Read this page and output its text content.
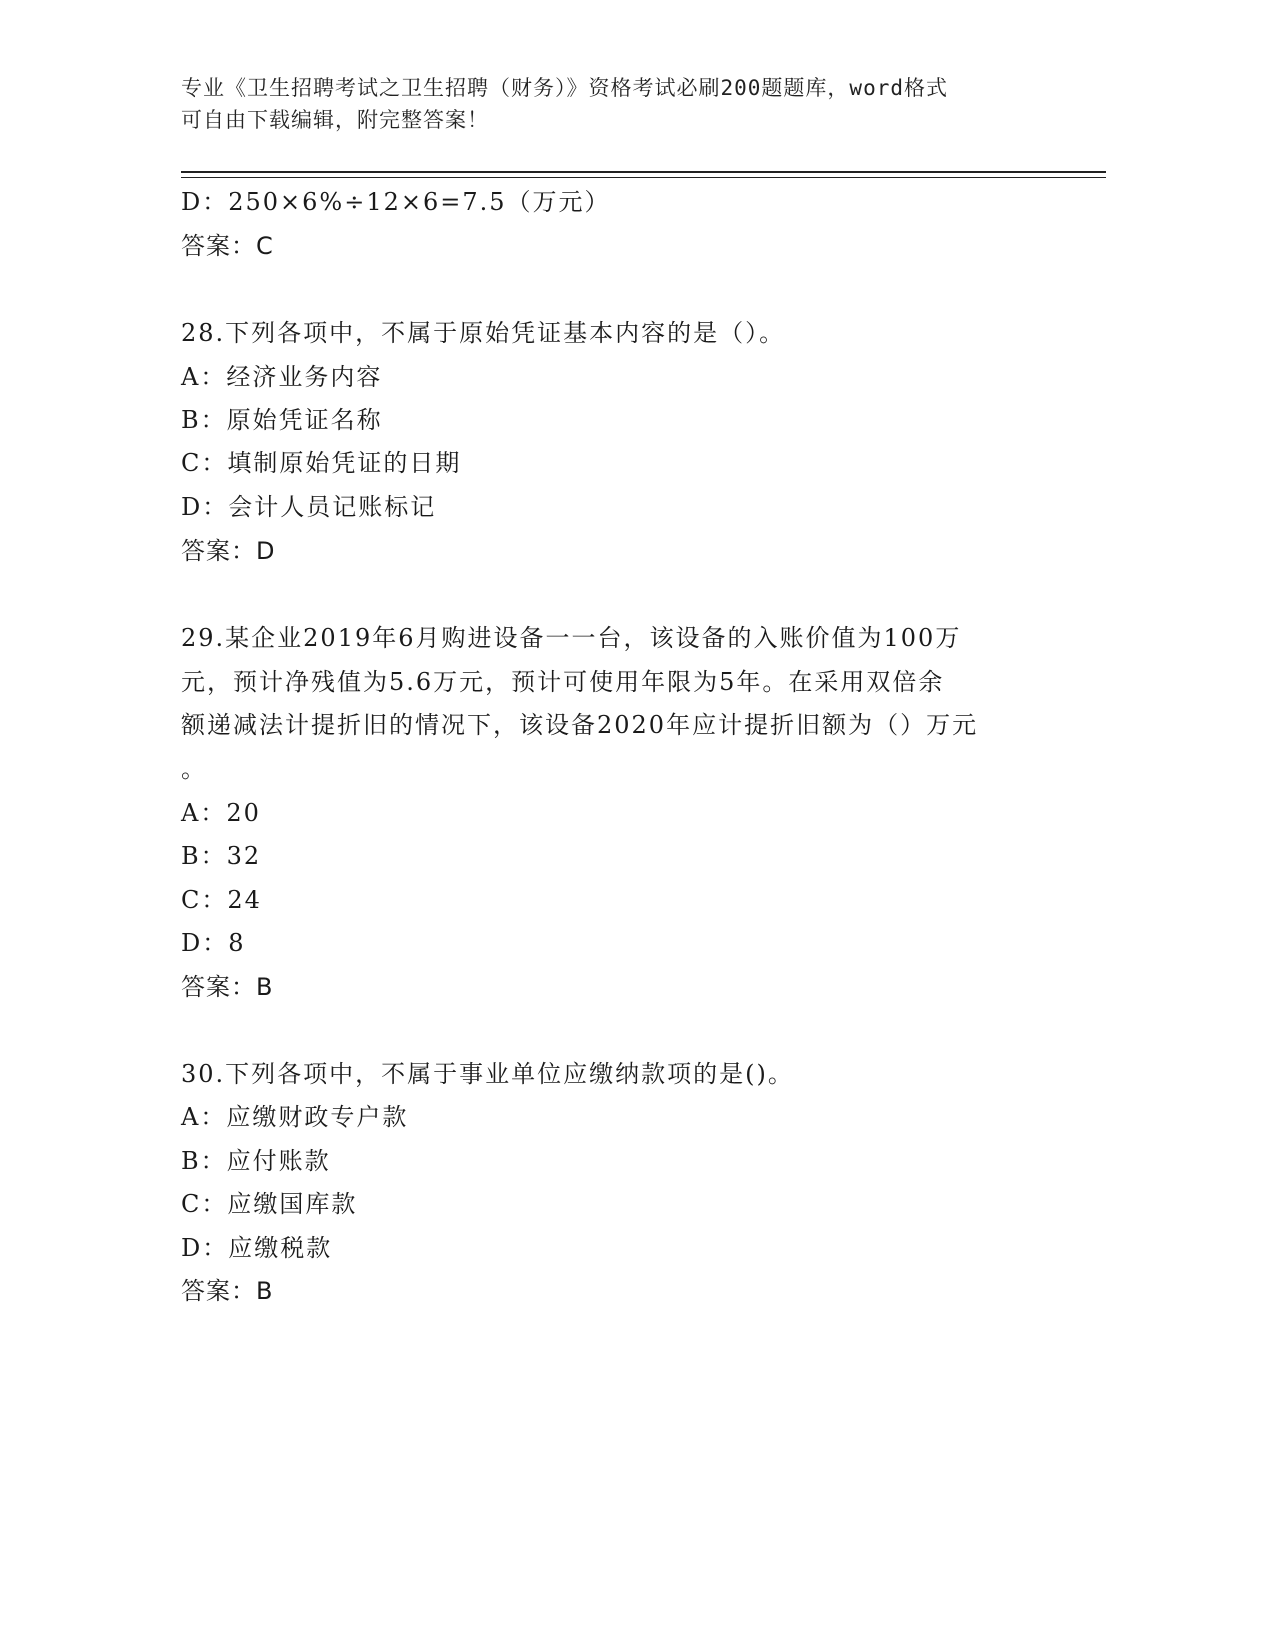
专业《卫生招聘考试之卫生招聘（财务）》资格考试必刷200题题库，word格式
可自由下载编辑，附完整答案！
D：250×6%÷12×6=7.5（万元）
答案：C
28.下列各项中，不属于原始凭证基本内容的是（）。
A：经济业务内容
B：原始凭证名称
C：填制原始凭证的日期
D：会计人员记账标记
答案：D
29.某企业2019年6月购进设备一一台，该设备的入账价值为100万
元，预计净残值为5.6万元，预计可使用年限为5年。在采用双倍余
额递减法计提折旧的情况下，该设备2020年应计提折旧额为（）万元
。
A：20
B：32
C：24
D：8
答案：B
30.下列各项中，不属于事业单位应缴纳款项的是()。
A：应缴财政专户款
B：应付账款
C：应缴国库款
D：应缴税款
答案：B
